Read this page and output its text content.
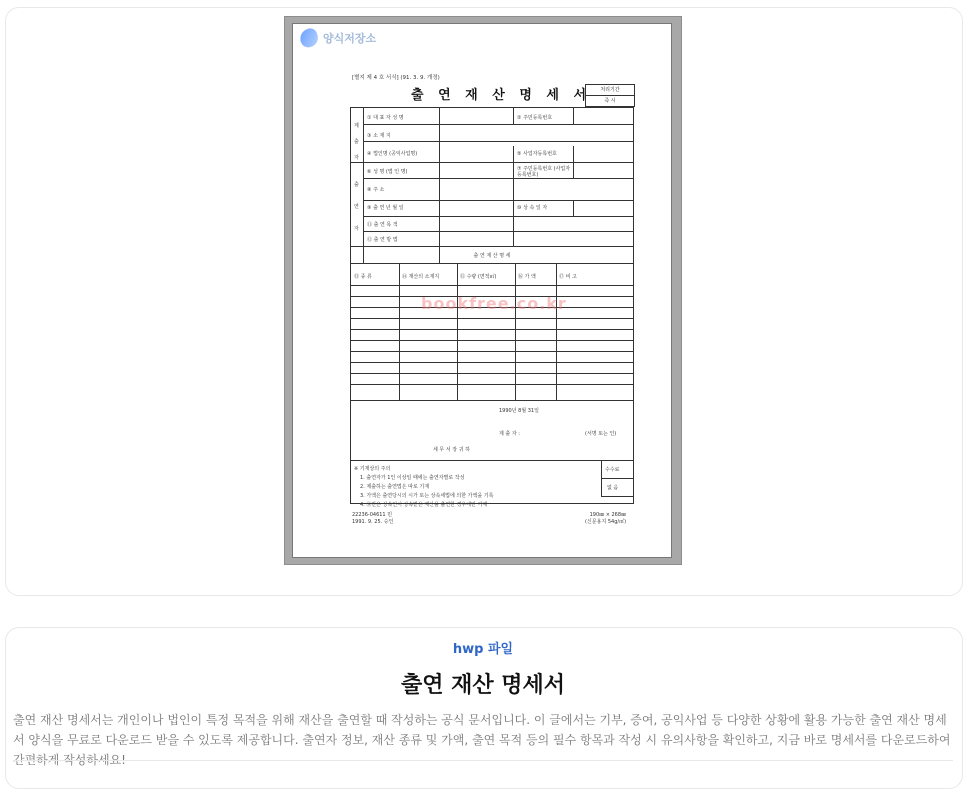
양식저장소
[별지 제 4 호 서식] (91. 3. 9. 개정)
출 연 재 산 명 세 서	처리기간
즉 시
제
출
자
출
연
자
① 대 표 자 성 명	② 주민등록번호
③ 소 재 지
④ 법인명 (공익사업명)	⑤ 사업자등록번호
⑥ 성 명 (법 인 명)	⑦ 주민등록번호 (사업자등록번호)
⑧ 주 소
⑨ 출 연 년 월 일	⑩ 상 속 일 자
⑪ 출 연 목 적
⑫ 출 연 방 법
출 연 재 산 명 세
⑬ 종 류	⑭ 재산의 소재지	⑮ 수량 (면적㎡)	⑯ 가 액	⑰ 비 고
1990년 8월 31일
제 출 자 :	(서명 또는 인)
세 무 서 장 귀 하
※ 기재상의 주의
1. 출연자가 1인 이상일 때에는 출연자별로 작성
2. 제출하는 출연법은 따로 기재
3. 가액은 출연당시의 시가 또는 상속세법에 의한 가액을 기록
4. ⑭란은 상속인이 상속받은 재산을 출연한 경우에만 기재
수수료
없 음
bookfree.co.kr
22236-04611 민
1991. 9. 25. 승인
190㎜ × 268㎜
(신문용지 54g/㎡)
hwp 파일
출연 재산 명세서
출연 재산 명세서는 개인이나 법인이 특정 목적을 위해 재산을 출연할 때 작성하는 공식 문서입니다. 이 글에서는 기부, 증여, 공익사업 등 다양한 상황에 활용 가능한 출연 재산 명세서 양식을 무료로 다운로드 받을 수 있도록 제공합니다. 출연자 정보, 재산 종류 및 가액, 출연 목적 등의 필수 항목과 작성 시 유의사항을 확인하고, 지금 바로 명세서를 다운로드하여 간편하게 작성하세요!
